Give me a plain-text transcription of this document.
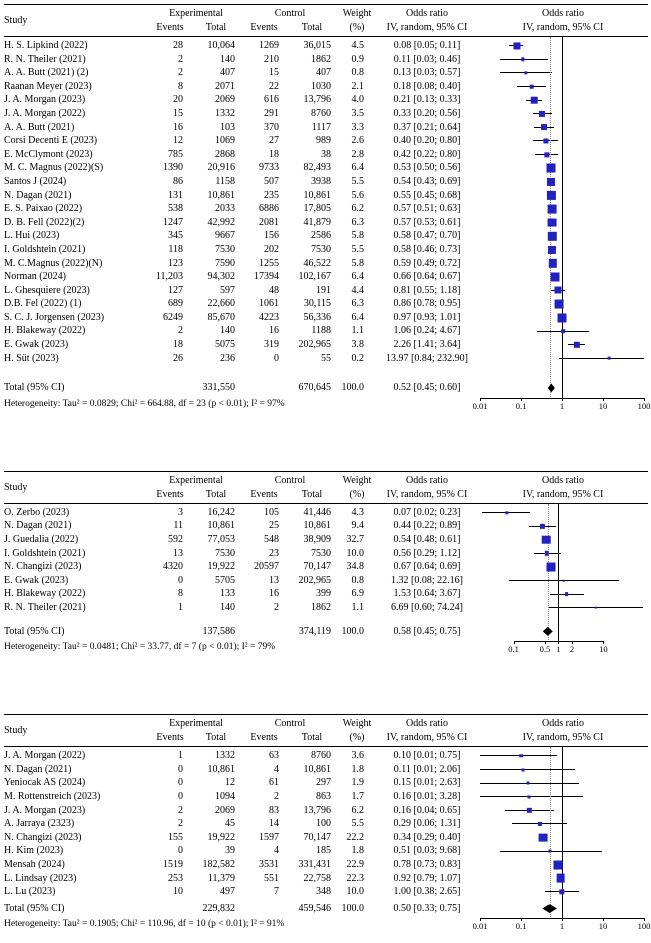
Study
Experimental	Control	Weight	Odds ratio	Odds ratio
Events	Total	Events	Total	(%)	IV, random, 95% CI	IV, random, 95% CI
H. S. Lipkind (2022)	28	10,064	1269	36,015	4.5	0.08 [0.05; 0.11]
R. N. Theiler (2021)	2	140	210	1862	0.9	0.11 [0.03; 0.46]
A. A. Butt (2021) (2)	2	407	15	407	0.8	0.13 [0.03; 0.57]
Raanan Meyer (2023)	8	2071	22	1030	2.1	0.18 [0.08; 0.40]
J. A. Morgan (2023)	20	2069	616	13,796	4.0	0.21 [0.13; 0.33]
J. A. Morgan (2022)	15	1332	291	8760	3.5	0.33 [0.20; 0.56]
A. A. Butt (2021)	16	103	370	1117	3.3	0.37 [0.21; 0.64]
Corsi Decenti E (2023)	12	1069	27	989	2.6	0.40 [0.20; 0.80]
E. McClymont (2023)	785	2868	18	38	2.8	0.42 [0.22; 0.80]
M. C. Magnus (2022)(S)	1390	20,916	9733	82,493	6.4	0.53 [0.50; 0.56]
Santos J (2024)	86	1158	507	3938	5.5	0.54 [0.43; 0.69]
N. Dagan (2021)	131	10,861	235	10,861	5.6	0.55 [0.45; 0.68]
E. S. Paixao (2022)	538	2033	6886	17,805	6.2	0.57 [0.51; 0.63]
D. B. Fell (2022)(2)	1247	42,992	2081	41,879	6.3	0.57 [0.53; 0.61]
L. Hui (2023)	345	9667	156	2586	5.8	0.58 [0.47; 0.70]
I. Goldshtein (2021)	118	7530	202	7530	5.5	0.58 [0.46; 0.73]
M. C.Magnus (2022)(N)	123	7590	1255	46,522	5.8	0.59 [0.49; 0.72]
Norman (2024)	11,203	94,302	17394	102,167	6.4	0.66 [0.64; 0.67]
L. Ghesquiere (2023)	127	597	48	191	4.4	0.81 [0.55; 1.18]
D.B. Fel (2022) (1)	689	22,660	1061	30,115	6.3	0.86 [0.78; 0.95]
S. C. J. Jorgensen (2023)	6249	85,670	4223	56,336	6.4	0.97 [0.93; 1.01]
H. Blakeway (2022)	2	140	16	1188	1.1	1.06 [0.24; 4.67]
E. Gwak (2023)	18	5075	319	202,965	3.8	2.26 [1.41; 3.64]
H. Süt (2023)	26	236	0	55	0.2	13.97 [0.84; 232.90]
Total (95% CI)	331,550	670,645	100.0	0.52 [0.45; 0.60]
Heterogeneity: Tau² = 0.0829; Chi² = 664.88, df = 23 (p < 0.01); I² = 97%	0.01	0.1	1	10	100
Study
Experimental	Control	Weight	Odds ratio	Odds ratio
Events	Total	Events	Total	(%)	IV, random, 95% CI	IV, random, 95% CI
O. Zerbo (2023)	3	16,242	105	41,446	4.3	0.07 [0.02; 0.23]
N. Dagan (2021)	11	10,861	25	10,861	9.4	0.44 [0.22; 0.89]
J. Guedalia (2022)	592	77,053	548	38,909	32.7	0.54 [0.48; 0.61]
I. Goldshtein (2021)	13	7530	23	7530	10.0	0.56 [0.29; 1.12]
N. Changizi (2023)	4320	19,922	20597	70,147	34.8	0.67 [0.64; 0.69]
E. Gwak (2023)	0	5705	13	202,965	0.8	1.32 [0.08; 22.16]
H. Blakeway (2022)	8	133	16	399	6.9	1.53 [0.64; 3.67]
R. N. Theiler (2021)	1	140	2	1862	1.1	6.69 [0.60; 74.24]
Total (95% CI)	137,586	374,119	100.0	0.58 [0.45; 0.75]
Heterogeneity: Tau² = 0.0481; Chi² = 33.77, df = 7 (p < 0.01); I² = 79%	0.1 0.5 1 2	10
Study
Experimental	Control	Weight	Odds ratio	Odds ratio
Events	Total	Events	Total	(%)	IV, random, 95% CI	IV, random, 95% CI
J. A. Morgan (2022)	1	1332	63	8760	3.6	0.10 [0.01; 0.75]
N. Dagan (2021)	0	10,861	4	10,861	1.8	0.11 [0.01; 2.06]
Yeniocak AS (2024)	0	12	61	297	1.9	0.15 [0.01; 2.63]
M. Rottenstreich (2023)	0	1094	2	863	1.7	0.16 [0.01; 3.28]
J. A. Morgan (2023)	2	2069	83	13,796	6.2	0.16 [0.04; 0.65]
A. Jarraya (2323)	2	45	14	100	5.5	0.29 [0.06; 1.31]
N. Changizi (2023)	155	19,922	1597	70,147	22.2	0.34 [0.29; 0.40]
H. Kim (2023)	0	39	4	185	1.8	0.51 [0.03; 9.68]
Mensah (2024)	1519	182,582	3531	331,431	22.9	0.78 [0.73; 0.83]
L. Lindsay (2023)	253	11,379	551	22,758	22.3	0.92 [0.79; 1.07]
L. Lu (2023)	10	497	7	348	10.0	1.00 [0.38; 2.65]
Total (95% CI)	229,832	459,546	100.0	0.50 [0.33; 0.75]
Heterogeneity: Tau² = 0.1905; Chi² = 110.96, df = 10 (p < 0.01); I² = 91%	0.01	0.1	1	10	100
